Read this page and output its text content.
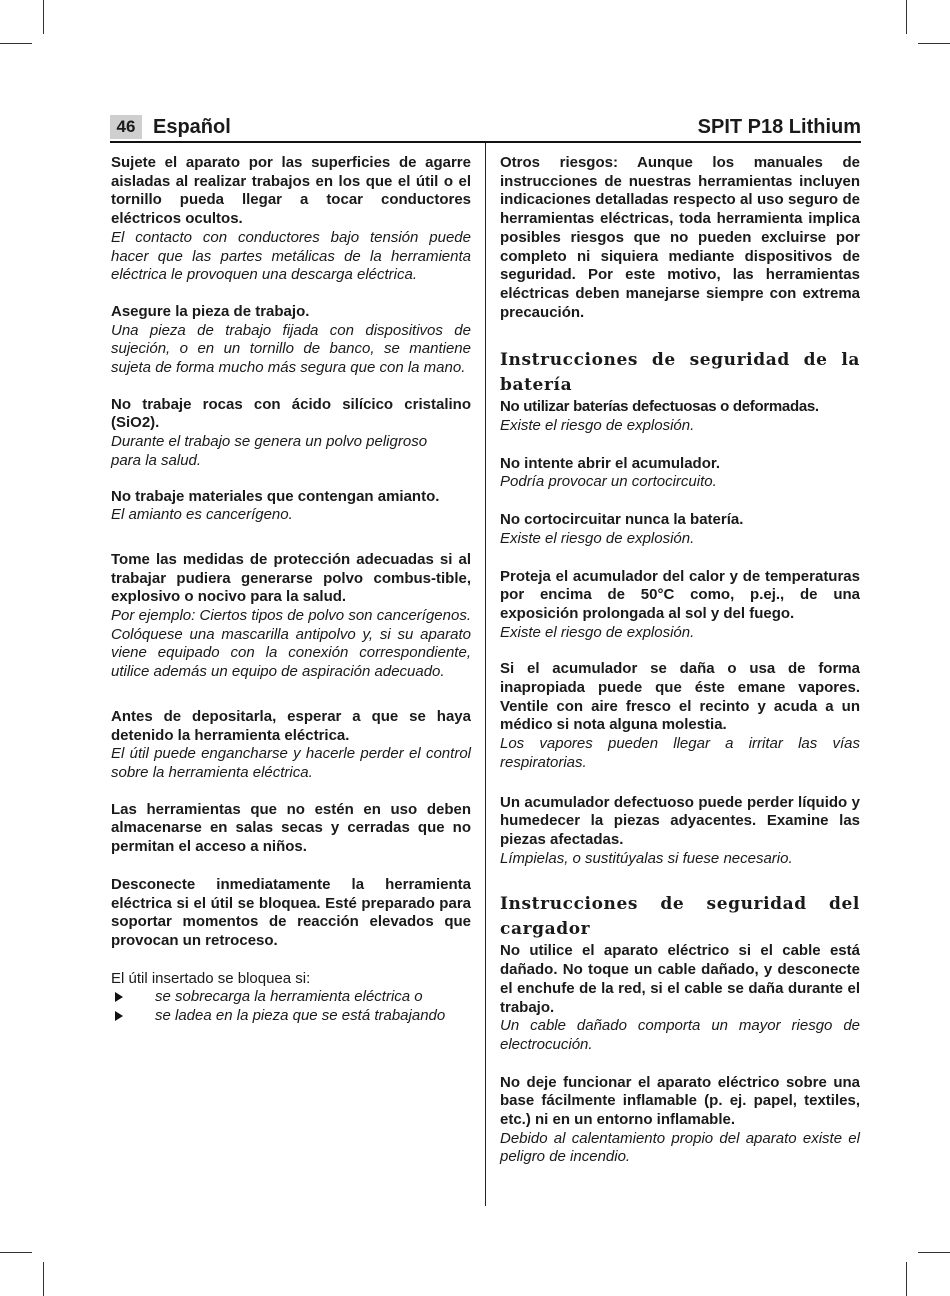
46 Español	SPIT P18 Lithium

Sujete el aparato por las superficies de agarre aisladas al realizar trabajos en los que el útil o el tornillo pueda llegar a tocar conductores eléctricos ocultos.

El contacto con conductores bajo tensión puede hacer que las partes metálicas de la herramienta eléctrica le provoquen una descarga eléctrica.

Asegure la pieza de trabajo.

Una pieza de trabajo fijada con dispositivos de sujeción, o en un tornillo de banco, se mantiene sujeta de forma mucho más segura que con la mano.

No trabaje rocas con ácido silícico cristalino (SiO2).

Durante el trabajo se genera un polvo peligroso para la salud.

No trabaje materiales que contengan amianto.

El amianto es cancerígeno.

Tome las medidas de protección adecuadas si al trabajar pudiera generarse polvo combus-tible, explosivo o nocivo para la salud.

Por ejemplo: Ciertos tipos de polvo son cancerígenos. Colóquese una mascarilla antipolvo y, si su aparato viene equipado con la conexión correspondiente, utilice además un equipo de aspiración adecuado.

Antes de depositarla, esperar a que se haya detenido la herramienta eléctrica.

El útil puede engancharse y hacerle perder el control sobre la herramienta eléctrica.

Las herramientas que no estén en uso deben almacenarse en salas secas y cerradas que no permitan el acceso a niños.

Desconecte inmediatamente la herramienta eléctrica si el útil se bloquea. Esté preparado para soportar momentos de reacción elevados que provocan un retroceso.

El útil insertado se bloquea si:

se sobrecarga la herramienta eléctrica o
se ladea en la pieza que se está trabajando

Otros riesgos: Aunque los manuales de instrucciones de nuestras herramientas incluyen indicaciones detalladas respecto al uso seguro de herramientas eléctricas, toda herramienta implica posibles riesgos que no pueden excluirse por completo ni siquiera mediante dispositivos de seguridad. Por este motivo, las herramientas eléctricas deben manejarse siempre con extrema precaución.

Instrucciones de seguridad de la batería

No utilizar baterías defectuosas o deformadas.

Existe el riesgo de explosión.

No intente abrir el acumulador.

Podría provocar un cortocircuito.

No cortocircuitar nunca la batería.

Existe el riesgo de explosión.

Proteja el acumulador del calor y de temperaturas por encima de 50°C como, p.ej., de una exposición prolongada al sol y del fuego.

Existe el riesgo de explosión.

Si el acumulador se daña o usa de forma inapropiada puede que éste emane vapores. Ventile con aire fresco el recinto y acuda a un médico si nota alguna molestia.

Los vapores pueden llegar a irritar las vías respiratorias.

Un acumulador defectuoso puede perder líquido y humedecer la piezas adyacentes. Examine las piezas afectadas.

Límpielas, o sustitúyalas si fuese necesario.

Instrucciones de seguridad del cargador

No utilice el aparato eléctrico si el cable está dañado. No toque un cable dañado, y desconecte el enchufe de la red, si el cable se daña durante el trabajo.

Un cable dañado comporta un mayor riesgo de electrocución.

No deje funcionar el aparato eléctrico sobre una base fácilmente inflamable (p. ej. papel, textiles, etc.) ni en un entorno inflamable.

Debido al calentamiento propio del aparato existe el peligro de incendio.
